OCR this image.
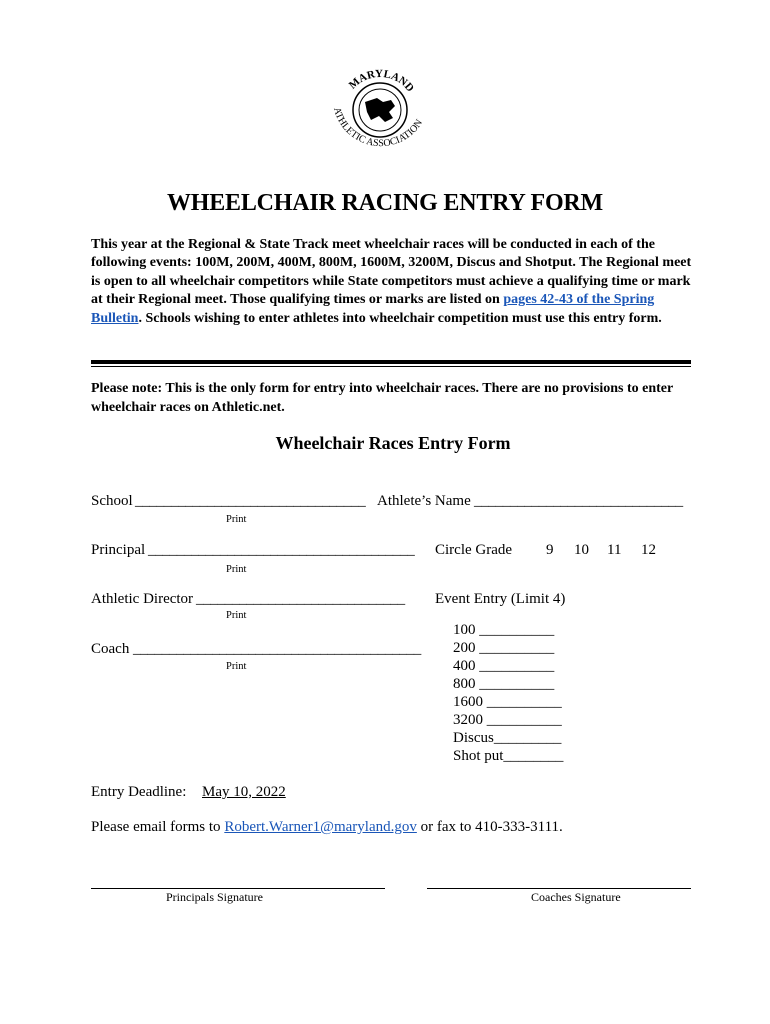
MARYLAND
ATHLETIC ASSOCIATION
WHEELCHAIR RACING ENTRY FORM
This year at the Regional & State Track meet wheelchair races will be conducted in each of the following events: 100M, 200M, 400M, 800M, 1600M, 3200M, Discus and Shotput. The Regional meet is open to all wheelchair competitors while State competitors must achieve a qualifying time or mark at their Regional meet. Those qualifying times or marks are listed on pages 42-43 of the Spring Bulletin. Schools wishing to enter athletes into wheelchair competition must use this entry form.
Please note: This is the only form for entry into wheelchair races. There are no provisions to enter wheelchair races on Athletic.net.
Wheelchair Races Entry Form
School ________________________________ Athlete’s Name _____________________________
Print
Principal _____________________________________ Circle Grade 9 10 11 12
Print
Athletic Director _____________________________ Event Entry (Limit 4)
Print
Coach ________________________________________
Print
100 __________
200 __________
400 __________
800 __________
1600 __________
3200 __________
Discus_________
Shot put________
Entry Deadline: May 10, 2022
Please email forms to Robert.Warner1@maryland.gov or fax to 410-333-3111.
Principals Signature	Coaches Signature
